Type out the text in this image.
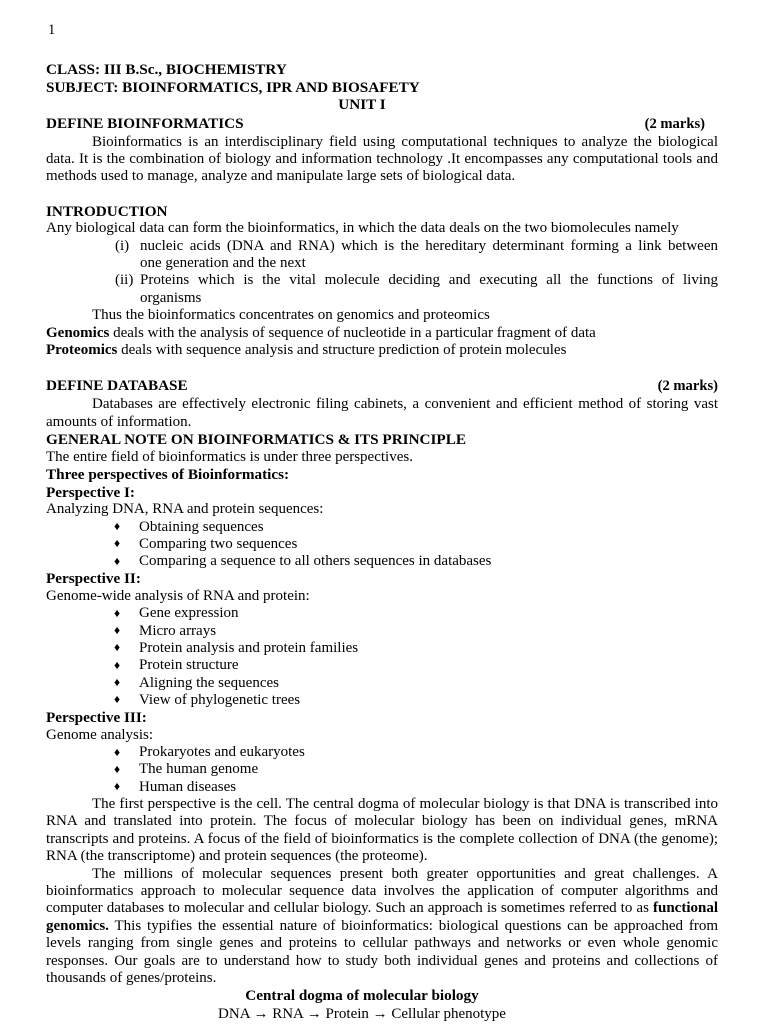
1
CLASS: III B.Sc., BIOCHEMISTRY
SUBJECT: BIOINFORMATICS, IPR AND BIOSAFETY
UNIT I
DEFINE BIOINFORMATICS	(2 marks)

Bioinformatics is an interdisciplinary field using computational techniques to analyze the biological data. It is the combination of biology and information technology .It encompasses any computational tools and methods used to manage, analyze and manipulate large sets of biological data.

INTRODUCTION

Any biological data can form the bioinformatics, in which the data deals on the two biomolecules namely

(i) nucleic acids (DNA and RNA) which is the hereditary determinant forming a link between
one generation and the next
(ii) Proteins which is the vital molecule deciding and executing all the functions of living
organisms

Thus the bioinformatics concentrates on genomics and proteomics

Genomics deals with the analysis of sequence of nucleotide in a particular fragment of data

Proteomics deals with sequence analysis and structure prediction of protein molecules

DEFINE DATABASE	(2 marks)

Databases are effectively electronic filing cabinets, a convenient and efficient method of storing vast amounts of information.

GENERAL NOTE ON BIOINFORMATICS & ITS PRINCIPLE

The entire field of bioinformatics is under three perspectives.

Three perspectives of Bioinformatics:
Perspective I:

Analyzing DNA, RNA and protein sequences:

♦ Obtaining sequences
♦ Comparing two sequences
♦ Comparing a sequence to all others sequences in databases
Perspective II:

Genome-wide analysis of RNA and protein:

♦ Gene expression
♦ Micro arrays
♦ Protein analysis and protein families
♦ Protein structure
♦ Aligning the sequences
♦ View of phylogenetic trees
Perspective III:

Genome analysis:

♦ Prokaryotes and eukaryotes
♦ The human genome
♦ Human diseases

The first perspective is the cell. The central dogma of molecular biology is that DNA is transcribed into RNA and translated into protein. The focus of molecular biology has been on individual genes, mRNA transcripts and proteins. A focus of the field of bioinformatics is the complete collection of DNA (the genome); RNA (the transcriptome) and protein sequences (the proteome).

The millions of molecular sequences present both greater opportunities and great challenges. A bioinformatics approach to molecular sequence data involves the application of computer algorithms and computer databases to molecular and cellular biology. Such an approach is sometimes referred to as functional genomics. This typifies the essential nature of bioinformatics: biological questions can be approached from levels ranging from single genes and proteins to cellular pathways and networks or even whole genomic responses. Our goals are to understand how to study both individual genes and proteins and collections of thousands of genes/proteins.

Central dogma of molecular biology
DNA → RNA → Protein → Cellular phenotype
